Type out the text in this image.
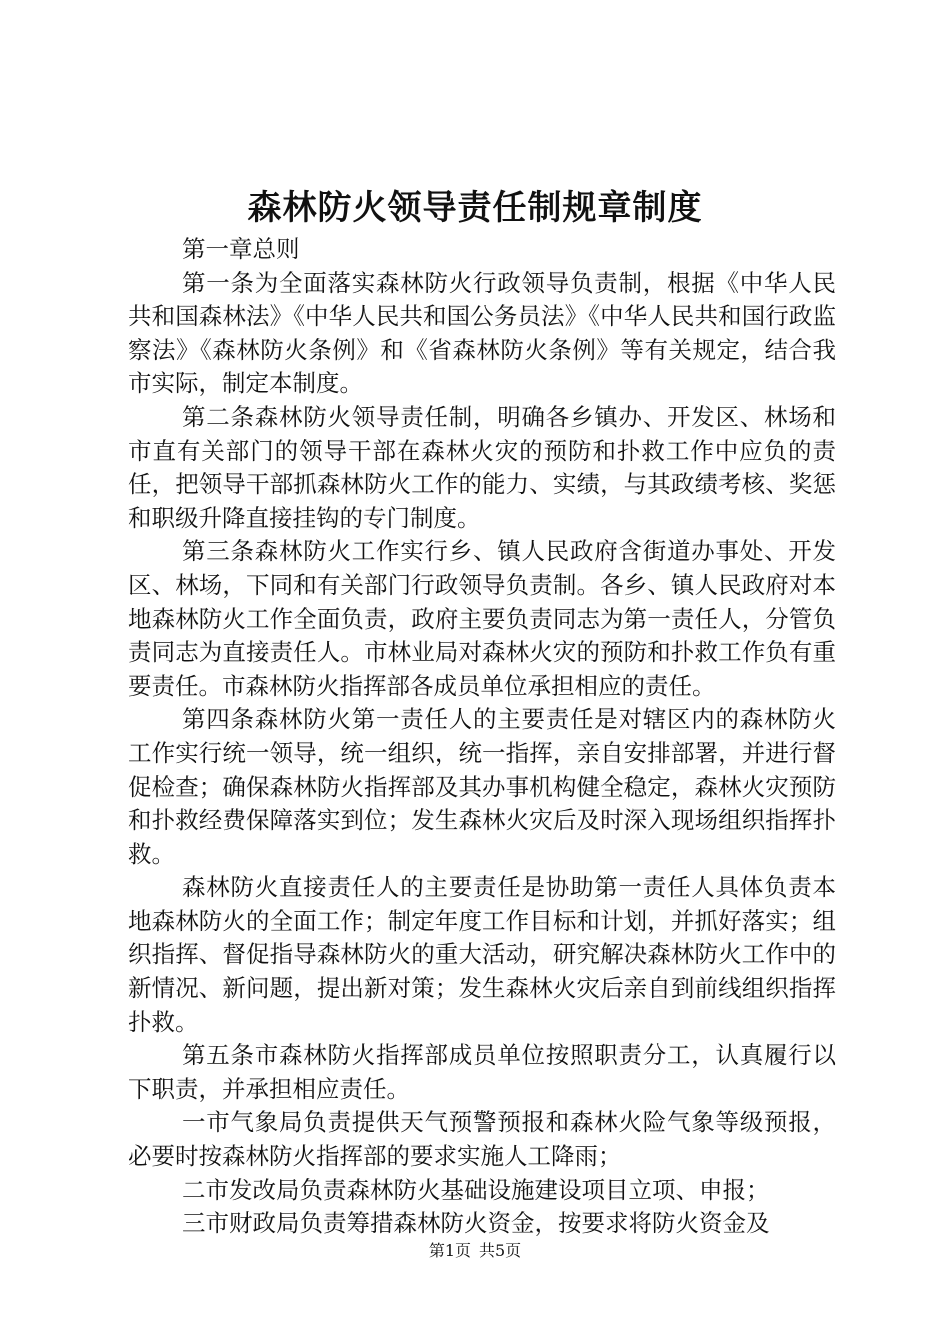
森林防火领导责任制规章制度

第一章总则

第一条为全面落实森林防火行政领导负责制，根据《中华人民共和国森林法》《中华人民共和国公务员法》《中华人民共和国行政监察法》《森林防火条例》和《省森林防火条例》等有关规定，结合我市实际，制定本制度。

第二条森林防火领导责任制，明确各乡镇办、开发区、林场和市直有关部门的领导干部在森林火灾的预防和扑救工作中应负的责任，把领导干部抓森林防火工作的能力、实绩，与其政绩考核、奖惩和职级升降直接挂钩的专门制度。

第三条森林防火工作实行乡、镇人民政府含街道办事处、开发区、林场，下同和有关部门行政领导负责制。各乡、镇人民政府对本地森林防火工作全面负责，政府主要负责同志为第一责任人，分管负责同志为直接责任人。市林业局对森林火灾的预防和扑救工作负有重要责任。市森林防火指挥部各成员单位承担相应的责任。

第四条森林防火第一责任人的主要责任是对辖区内的森林防火工作实行统一领导，统一组织，统一指挥，亲自安排部署，并进行督促检查；确保森林防火指挥部及其办事机构健全稳定，森林火灾预防和扑救经费保障落实到位；发生森林火灾后及时深入现场组织指挥扑救。

森林防火直接责任人的主要责任是协助第一责任人具体负责本地森林防火的全面工作；制定年度工作目标和计划，并抓好落实；组织指挥、督促指导森林防火的重大活动，研究解决森林防火工作中的新情况、新问题，提出新对策；发生森林火灾后亲自到前线组织指挥扑救。

第五条市森林防火指挥部成员单位按照职责分工，认真履行以下职责，并承担相应责任。

一市气象局负责提供天气预警预报和森林火险气象等级预报，必要时按森林防火指挥部的要求实施人工降雨；

二市发改局负责森林防火基础设施建设项目立项、申报；

三市财政局负责筹措森林防火资金，按要求将防火资金及

第1页 共5页
